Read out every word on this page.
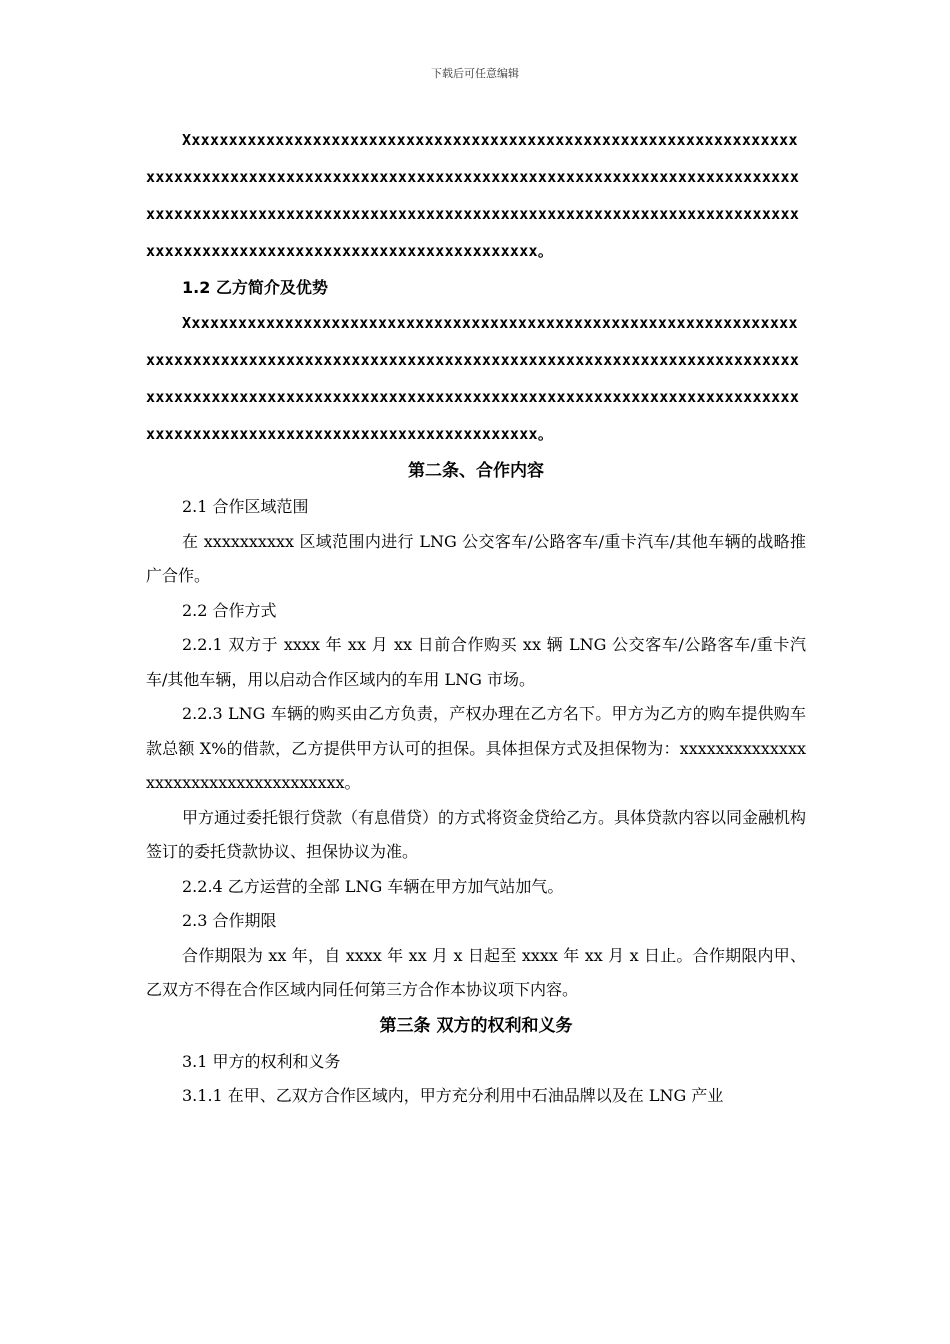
下载后可任意编辑

Xxxxxxxxxxxxxxxxxxxxxxxxxxxxxxxxxxxxxxxxxxxxxxxxxxxxxxxxxxxxxxxxxxxxxxxxxxxxxxxxxxxxxxxxxxxxxxxxxxxxxxxxxxxxxxxxxxxxxxxxxxxxxxxxxxxxxxxxxxxxxxxxxxxxxxxxxxxxxxxxxxxxxxxxxxxxxxxxxxxxxxxxxxxxxxxxxxxxxxxxxxxxxxxxxxxxxxxxxxxxxxxxxxxxxxxxxxxxxxxxxxxxxxxx。

1.2 乙方简介及优势

Xxxxxxxxxxxxxxxxxxxxxxxxxxxxxxxxxxxxxxxxxxxxxxxxxxxxxxxxxxxxxxxxxxxxxxxxxxxxxxxxxxxxxxxxxxxxxxxxxxxxxxxxxxxxxxxxxxxxxxxxxxxxxxxxxxxxxxxxxxxxxxxxxxxxxxxxxxxxxxxxxxxxxxxxxxxxxxxxxxxxxxxxxxxxxxxxxxxxxxxxxxxxxxxxxxxxxxxxxxxxxxxxxxxxxxxxxxxxxxxxxxxxxxxx。

第二条、合作内容

2.1 合作区域范围

在 xxxxxxxxxx 区域范围内进行 LNG 公交客车/公路客车/重卡汽车/其他车辆的战略推广合作。

2.2 合作方式

2.2.1 双方于 xxxx 年 xx 月 xx 日前合作购买 xx 辆 LNG 公交客车/公路客车/重卡汽车/其他车辆，用以启动合作区域内的车用 LNG 市场。

2.2.3 LNG 车辆的购买由乙方负责，产权办理在乙方名下。甲方为乙方的购车提供购车款总额 X%的借款，乙方提供甲方认可的担保。具体担保方式及担保物为：xxxxxxxxxxxxxxxxxxxxxxxxxxxxxxxxxxxx。

甲方通过委托银行贷款（有息借贷）的方式将资金贷给乙方。具体贷款内容以同金融机构签订的委托贷款协议、担保协议为准。

2.2.4 乙方运营的全部 LNG 车辆在甲方加气站加气。

2.3 合作期限

合作期限为 xx 年，自 xxxx 年 xx 月 x 日起至 xxxx 年 xx 月 x 日止。合作期限内甲、乙双方不得在合作区域内同任何第三方合作本协议项下内容。

第三条 双方的权利和义务

3.1 甲方的权利和义务

3.1.1 在甲、乙双方合作区域内，甲方充分利用中石油品牌以及在 LNG 产业
